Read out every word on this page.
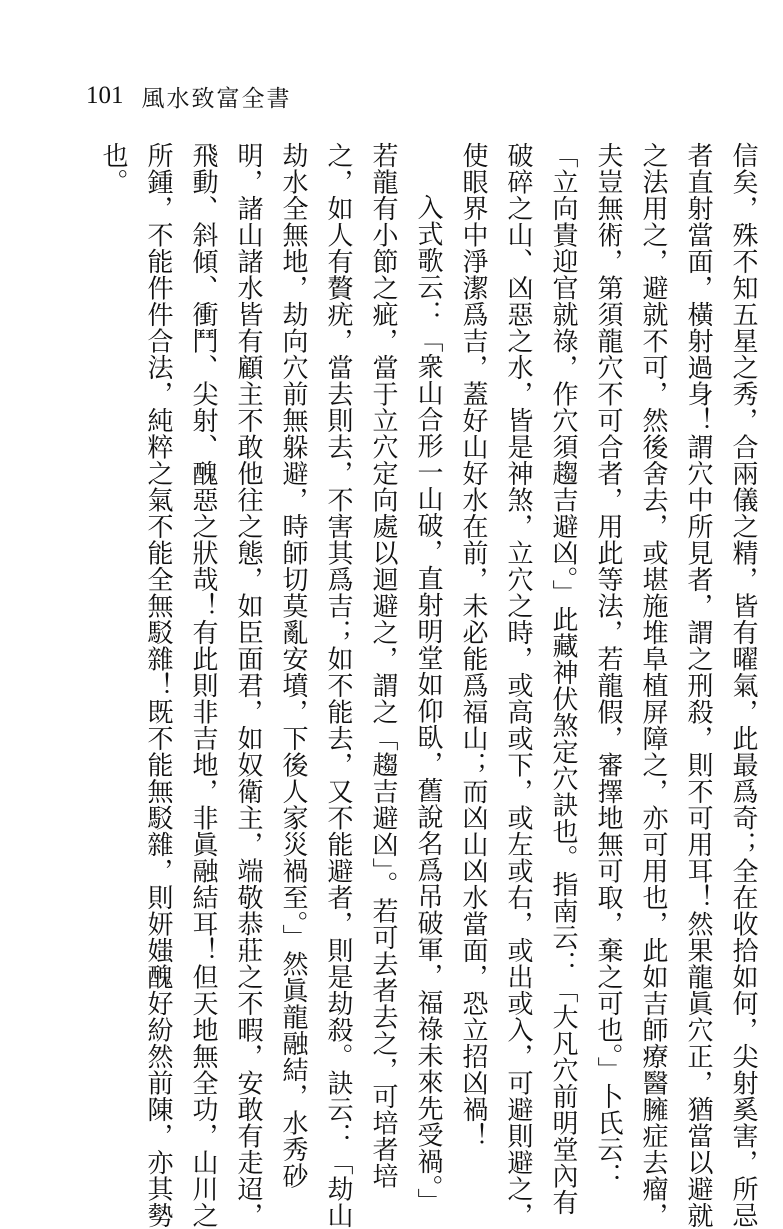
101 風水致富全書
信矣，殊不知五星之秀，合兩儀之精，皆有曜氣，此最爲奇；全在收拾如何，尖射奚害，所忌
者直射當面，橫射過身！謂穴中所見者，謂之刑殺，則不可用耳！然果龍眞穴正，猶當以避就
之法用之，避就不可，然後舍去，或堪施堆阜植屏障之，亦可用也，此如吉師療醫臃症去瘤，
夫豈無術，第須龍穴不可合者，用此等法，若龍假，審擇地無可取，棄之可也。」卜氏云：
「立向貴迎官就祿，作穴須趨吉避凶。」此藏神伏煞定穴訣也。指南云：「大凡穴前明堂內有
破碎之山、凶惡之水，皆是神煞，立穴之時，或高或下，或左或右，或出或入，可避則避之，
使眼界中淨潔爲吉，蓋好山好水在前，未必能爲福山；而凶山凶水當面，恐立招凶禍！
入式歌云：「衆山合形一山破，直射明堂如仰臥，舊說名爲吊破軍，福祿未來先受禍。」
若龍有小節之疵，當于立穴定向處以迴避之，謂之「趨吉避凶」。若可去者去之，可培者培
之，如人有贅疣，當去則去，不害其爲吉；如不能去，又不能避者，則是劫殺。訣云：「劫山
劫水全無地，劫向穴前無躲避，時師切莫亂安墳，下後人家災禍至。」然眞龍融結，水秀砂
明，諸山諸水皆有顧主不敢他往之態，如臣面君，如奴衛主，端敬恭莊之不暇，安敢有走迢，
飛動、斜傾、衝鬥、尖射、醜惡之狀哉！有此則非吉地，非眞融結耳！但天地無全功，山川之
所鍾，不能件件合法，純粹之氣不能全無駁雜！既不能無駁雜，則妍媸醜好紛然前陳，亦其勢
也。
